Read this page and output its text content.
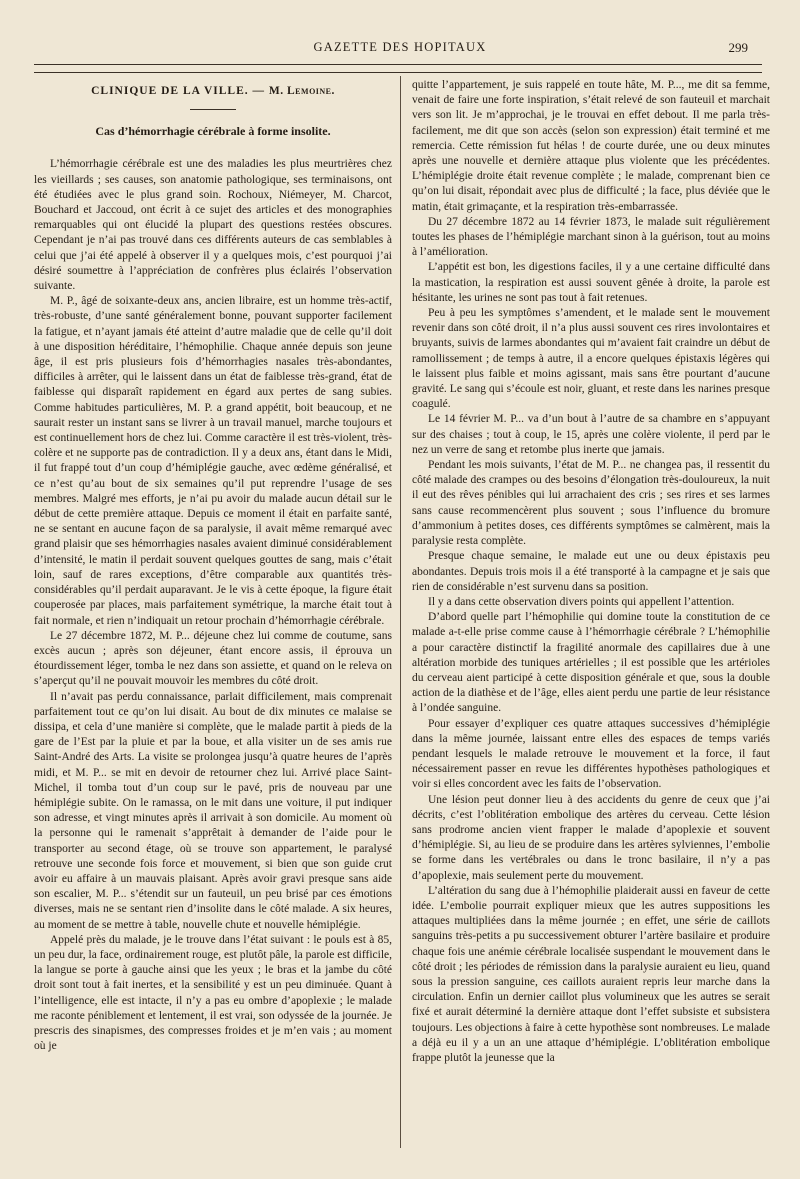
GAZETTE DES HOPITAUX	299
CLINIQUE DE LA VILLE. — M. Lemoine.
Cas d’hémorrhagie cérébrale à forme insolite.

L’hémorrhagie cérébrale est une des maladies les plus meurtrières chez les vieillards ; ses causes, son anatomie pathologique, ses terminaisons, ont été étudiées avec le plus grand soin. Rochoux, Niémeyer, M. Charcot, Bouchard et Jaccoud, ont écrit à ce sujet des articles et des monographies remarquables qui ont élucidé la plupart des questions restées obscures. Cependant je n’ai pas trouvé dans ces différents auteurs de cas semblables à celui que j’ai été appelé à observer il y a quelques mois, c’est pourquoi j’ai désiré soumettre à l’appréciation de confrères plus éclairés l’observation suivante.

M. P., âgé de soixante-deux ans, ancien libraire, est un homme très-actif, très-robuste, d’une santé généralement bonne, pouvant supporter facilement la fatigue, et n’ayant jamais été atteint d’autre maladie que de celle qu’il doit à une disposition héréditaire, l’hémophilie. Chaque année depuis son jeune âge, il est pris plusieurs fois d’hémorrhagies nasales très-abondantes, difficiles à arrêter, qui le laissent dans un état de faiblesse très-grand, état de faiblesse qui disparaît rapidement en égard aux pertes de sang subies. Comme habitudes particulières, M. P. a grand appétit, boit beaucoup, et ne saurait rester un instant sans se livrer à un travail manuel, marche toujours et est continuellement hors de chez lui. Comme caractère il est très-violent, très-colère et ne supporte pas de contradiction. Il y a deux ans, étant dans le Midi, il fut frappé tout d’un coup d’hémiplégie gauche, avec œdème généralisé, et ce n’est qu’au bout de six semaines qu’il put reprendre l’usage de ses membres. Malgré mes efforts, je n’ai pu avoir du malade aucun détail sur le début de cette première attaque. Depuis ce moment il était en parfaite santé, ne se sentant en aucune façon de sa paralysie, il avait même remarqué avec grand plaisir que ses hémorrhagies nasales avaient diminué considérablement d’intensité, le matin il perdait souvent quelques gouttes de sang, mais c’était loin, sauf de rares exceptions, d’être comparable aux quantités très-considérables qu’il perdait auparavant. Je le vis à cette époque, la figure était couperosée par places, mais parfaitement symétrique, la marche était tout à fait normale, et rien n’indiquait un retour prochain d’hémorrhagie cérébrale.

Le 27 décembre 1872, M. P... déjeune chez lui comme de coutume, sans excès aucun ; après son déjeuner, étant encore assis, il éprouva un étourdissement léger, tomba le nez dans son assiette, et quand on le releva on s’aperçut qu’il ne pouvait mouvoir les membres du côté droit.

Il n’avait pas perdu connaissance, parlait difficilement, mais comprenait parfaitement tout ce qu’on lui disait. Au bout de dix minutes ce malaise se dissipa, et cela d’une manière si complète, que le malade partit à pieds de la gare de l’Est par la pluie et par la boue, et alla visiter un de ses amis rue Saint-André des Arts. La visite se prolongea jusqu’à quatre heures de l’après midi, et M. P... se mit en devoir de retourner chez lui. Arrivé place Saint-Michel, il tomba tout d’un coup sur le pavé, pris de nouveau par une hémiplégie subite. On le ramassa, on le mit dans une voiture, il put indiquer son adresse, et vingt minutes après il arrivait à son domicile. Au moment où la personne qui le ramenait s’apprêtait à demander de l’aide pour le transporter au second étage, où se trouve son appartement, le paralysé retrouve une seconde fois force et mouvement, si bien que son guide crut avoir eu affaire à un mauvais plaisant. Après avoir gravi presque sans aide son escalier, M. P... s’étendit sur un fauteuil, un peu brisé par ces émotions diverses, mais ne se sentant rien d’insolite dans le côté malade. A six heures, au moment de se mettre à table, nouvelle chute et nouvelle hémiplégie.

Appelé près du malade, je le trouve dans l’état suivant : le pouls est à 85, un peu dur, la face, ordinairement rouge, est plutôt pâle, la parole est difficile, la langue se porte à gauche ainsi que les yeux ; le bras et la jambe du côté droit sont tout à fait inertes, et la sensibilité y est un peu diminuée. Quant à l’intelligence, elle est intacte, il n’y a pas eu ombre d’apoplexie ; le malade me raconte péniblement et lentement, il est vrai, son odyssée de la journée. Je prescris des sinapismes, des compresses froides et je m’en vais ; au moment où je

quitte l’appartement, je suis rappelé en toute hâte, M. P..., me dit sa femme, venait de faire une forte inspiration, s’était relevé de son fauteuil et marchait vers son lit. Je m’approchai, je le trouvai en effet debout. Il me parla très-facilement, me dit que son accès (selon son expression) était terminé et me remercia. Cette rémission fut hélas ! de courte durée, une ou deux minutes après une nouvelle et dernière attaque plus violente que les précédentes. L’hémiplégie droite était revenue complète ; le malade, comprenant bien ce qu’on lui disait, répondait avec plus de difficulté ; la face, plus déviée que le matin, était grimaçante, et la respiration très-embarrassée.

Du 27 décembre 1872 au 14 février 1873, le malade suit régulièrement toutes les phases de l’hémiplégie marchant sinon à la guérison, tout au moins à l’amélioration.

L’appétit est bon, les digestions faciles, il y a une certaine difficulté dans la mastication, la respiration est aussi souvent gênée à droite, la parole est hésitante, les urines ne sont pas tout à fait retenues.

Peu à peu les symptômes s’amendent, et le malade sent le mouvement revenir dans son côté droit, il n’a plus aussi souvent ces rires involontaires et bruyants, suivis de larmes abondantes qui m’avaient fait craindre un début de ramollissement ; de temps à autre, il a encore quelques épistaxis légères qui le laissent plus faible et moins agissant, mais sans être pourtant d’aucune gravité. Le sang qui s’écoule est noir, gluant, et reste dans les narines presque coagulé.

Le 14 février M. P... va d’un bout à l’autre de sa chambre en s’appuyant sur des chaises ; tout à coup, le 15, après une colère violente, il perd par le nez un verre de sang et retombe plus inerte que jamais.

Pendant les mois suivants, l’état de M. P... ne changea pas, il ressentit du côté malade des crampes ou des besoins d’élongation très-douloureux, la nuit il eut des rêves pénibles qui lui arrachaient des cris ; ses rires et ses larmes sans cause recommencèrent plus souvent ; sous l’influence du bromure d’ammonium à petites doses, ces différents symptômes se calmèrent, mais la paralysie resta complète.

Presque chaque semaine, le malade eut une ou deux épistaxis peu abondantes. Depuis trois mois il a été transporté à la campagne et je sais que rien de considérable n’est survenu dans sa position.

Il y a dans cette observation divers points qui appellent l’attention.

D’abord quelle part l’hémophilie qui domine toute la constitution de ce malade a-t-elle prise comme cause à l’hémorrhagie cérébrale ? L’hémophilie a pour caractère distinctif la fragilité anormale des capillaires due à une altération morbide des tuniques artérielles ; il est possible que les artérioles du cerveau aient participé à cette disposition générale et que, sous la double action de la diathèse et de l’âge, elles aient perdu une partie de leur résistance à l’ondée sanguine.

Pour essayer d’expliquer ces quatre attaques successives d’hémiplégie dans la même journée, laissant entre elles des espaces de temps variés pendant lesquels le malade retrouve le mouvement et la force, il faut nécessairement passer en revue les différentes hypothèses pathologiques et voir si elles concordent avec les faits de l’observation.

Une lésion peut donner lieu à des accidents du genre de ceux que j’ai décrits, c’est l’oblitération embolique des artères du cerveau. Cette lésion sans prodrome ancien vient frapper le malade d’apoplexie et souvent d’hémiplégie. Si, au lieu de se produire dans les artères sylviennes, l’embolie se forme dans les vertébrales ou dans le tronc basilaire, il n’y a pas d’apoplexie, mais seulement perte du mouvement.

L’altération du sang due à l’hémophilie plaiderait aussi en faveur de cette idée. L’embolie pourrait expliquer mieux que les autres suppositions les attaques multipliées dans la même journée ; en effet, une série de caillots sanguins très-petits a pu successivement obturer l’artère basilaire et produire chaque fois une anémie cérébrale localisée suspendant le mouvement dans le côté droit ; les périodes de rémission dans la paralysie auraient eu lieu, quand sous la pression sanguine, ces caillots auraient repris leur marche dans la circulation. Enfin un dernier caillot plus volumineux que les autres se serait fixé et aurait déterminé la dernière attaque dont l’effet subsiste et subsistera toujours. Les objections à faire à cette hypothèse sont nombreuses. Le malade a déjà eu il y a un an une attaque d’hémiplégie. L’oblitération embolique frappe plutôt la jeunesse que la
